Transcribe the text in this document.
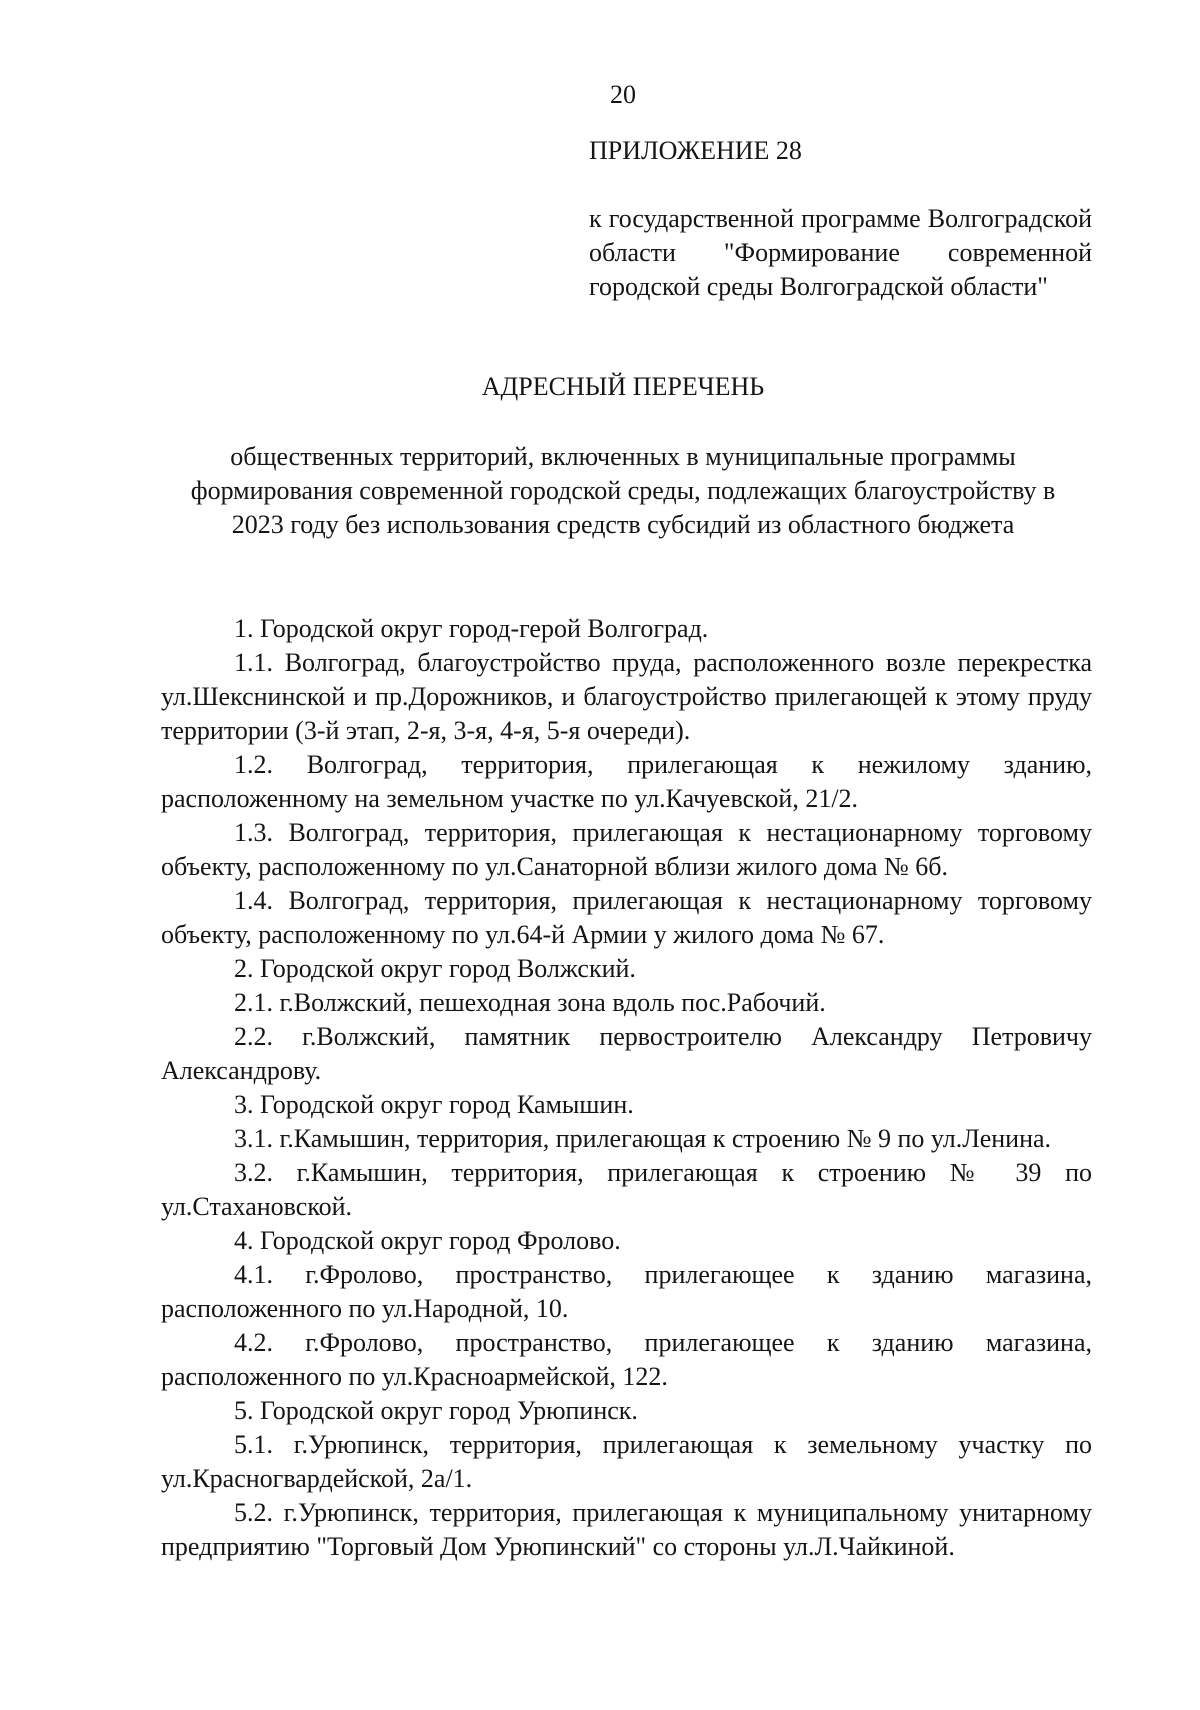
20
ПРИЛОЖЕНИЕ 28
к государственной программе Волгоградской области "Формирование современной городской среды Волгоградской области"
АДРЕСНЫЙ ПЕРЕЧЕНЬ
общественных территорий, включенных в муниципальные программы формирования современной городской среды, подлежащих благоустройству в 2023 году без использования средств субсидий из областного бюджета

1. Городской округ город-герой Волгоград.

1.1. Волгоград, благоустройство пруда, расположенного возле перекрестка ул.Шекснинской и пр.Дорожников, и благоустройство прилегающей к этому пруду территории (3-й этап, 2-я, 3-я, 4-я, 5-я очереди).

1.2. Волгоград, территория, прилегающая к нежилому зданию, расположенному на земельном участке по ул.Качуевской, 21/2.

1.3. Волгоград, территория, прилегающая к нестационарному торговому объекту, расположенному по ул.Санаторной вблизи жилого дома № 6б.

1.4. Волгоград, территория, прилегающая к нестационарному торговому объекту, расположенному по ул.64-й Армии у жилого дома № 67.

2. Городской округ город Волжский.

2.1. г.Волжский, пешеходная зона вдоль пос.Рабочий.

2.2. г.Волжский, памятник первостроителю Александру Петровичу Александрову.

3. Городской округ город Камышин.

3.1. г.Камышин, территория, прилегающая к строению № 9 по ул.Ленина.

3.2. г.Камышин, территория, прилегающая к строению № 39 по ул.Стахановской.

4. Городской округ город Фролово.

4.1. г.Фролово, пространство, прилегающее к зданию магазина, расположенного по ул.Народной, 10.

4.2. г.Фролово, пространство, прилегающее к зданию магазина, расположенного по ул.Красноармейской, 122.

5. Городской округ город Урюпинск.

5.1. г.Урюпинск, территория, прилегающая к земельному участку по ул.Красногвардейской, 2а/1.

5.2. г.Урюпинск, территория, прилегающая к муниципальному унитарному предприятию "Торговый Дом Урюпинский" со стороны ул.Л.Чайкиной.
